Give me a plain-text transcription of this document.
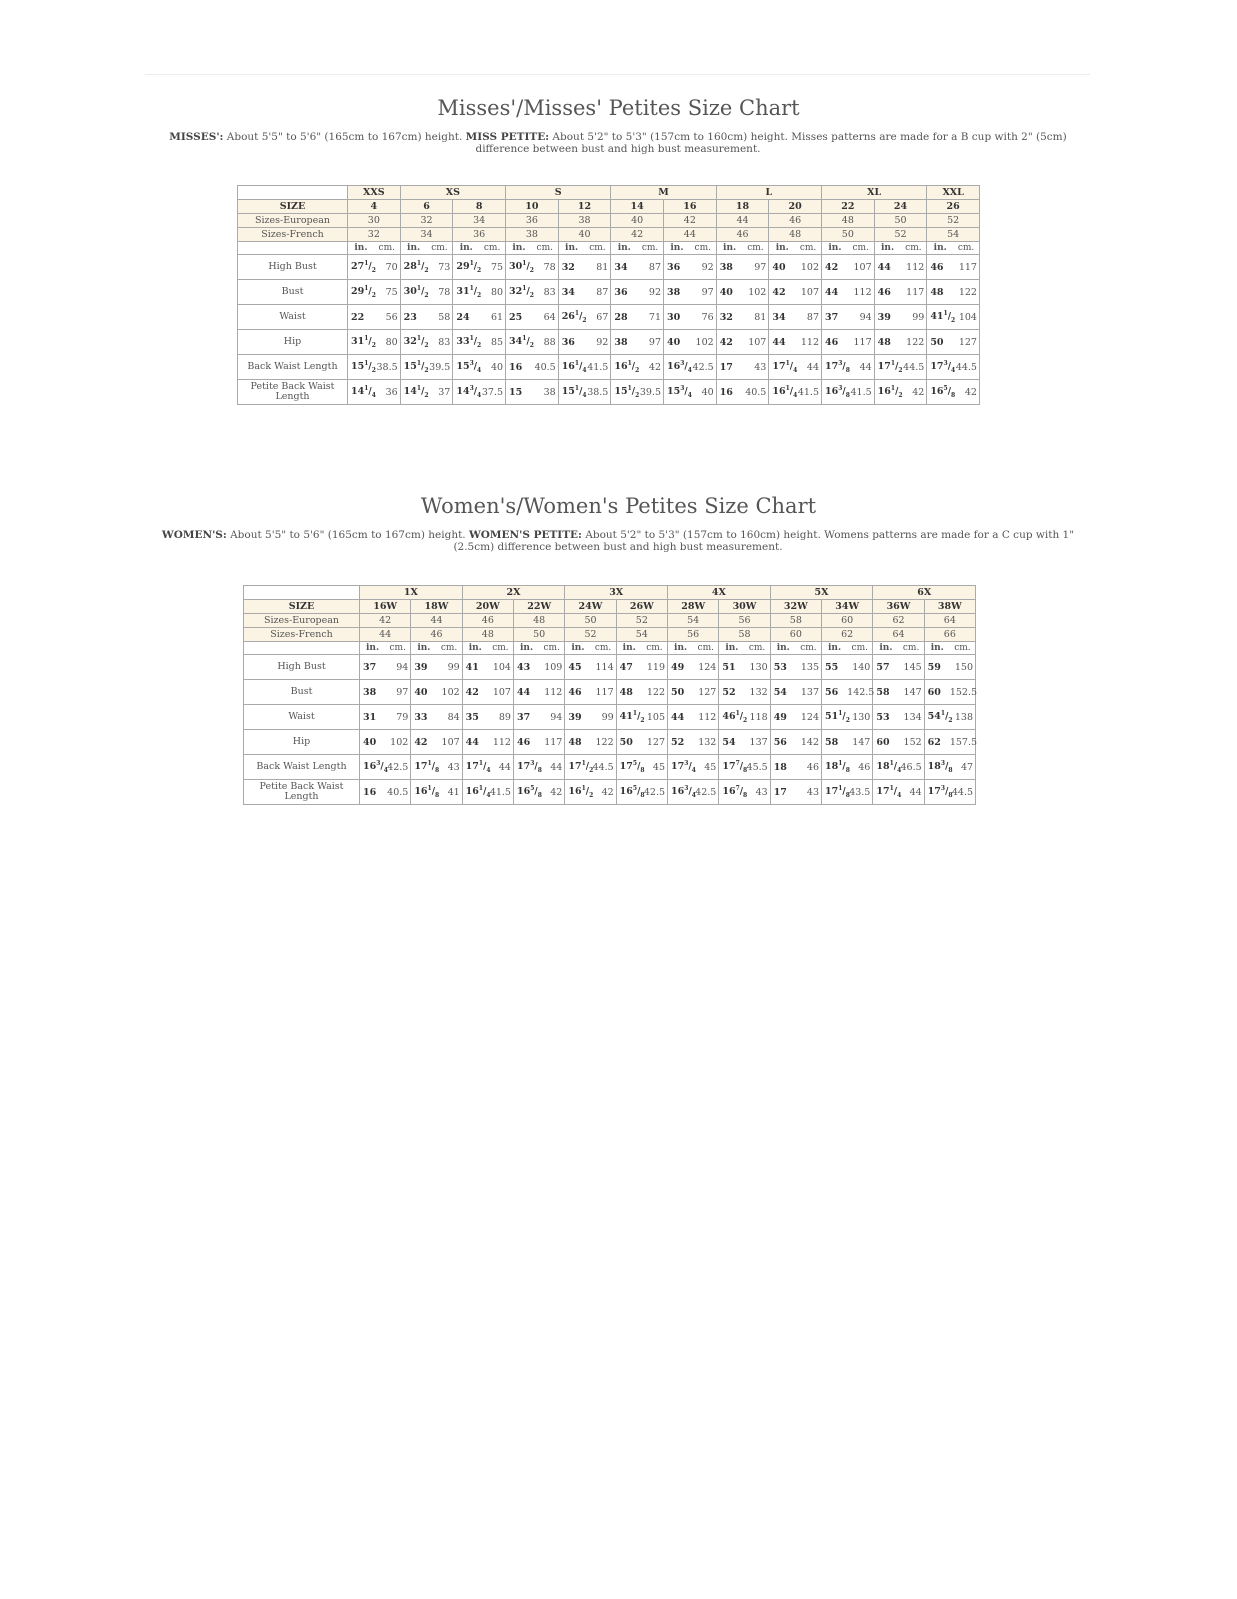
Misses'/Misses' Petites Size Chart

MISSES': About 5'5" to 5'6" (165cm to 167cm) height. MISS PETITE: About 5'2" to 5'3" (157cm to 160cm) height. Misses patterns are made for a B cup with 2" (5cm) difference between bust and high bust measurement.

	XXS		XS				S				M				L				XL				XXL	
SIZE	4		6		8		10		12		14		16		18		20		22		24		26	
Sizes-European	30		32		34		36		38		40		42		44		46		48		50		52	
Sizes-French	32		34		36		38		40		42		44		46		48		50		52		54	
	in.	cm.	in.	cm.	in.	cm.	in.	cm.	in.	cm.	in.	cm.	in.	cm.	in.	cm.	in.	cm.	in.	cm.	in.	cm.	in.	cm.
High Bust	$27^1/_2$	70	$28^1/_2$	73	$29^1/_2$	75	$30^1/_2$	78	32	81	34	87	36	92	38	97	40	102	42	107	44	112	46	117
Bust	$29^1/_2$	75	$30^1/_2$	78	$31^1/_2$	80	$32^1/_2$	83	34	87	36	92	38	97	40	102	42	107	44	112	46	117	48	122
Waist	22	56	23	58	24	61	25	64	$26^1/_2$	67	28	71	30	76	32	81	34	87	37	94	39	99	$41^1/_2$	104
Hip	$31^1/_2$	80	$32^1/_2$	83	$33^1/_2$	85	$34^1/_2$	88	36	92	38	97	40	102	42	107	44	112	46	117	48	122	50	127
Back Waist Length	$15^1/_2$	38.5	$15^1/_2$	39.5	$15^3/_4$	40	16	40.5	$16^1/_4$	41.5	$16^1/_2$	42	$16^3/_4$	42.5	17	43	$17^1/_4$	44	$17^3/_8$	44	$17^1/_2$	44.5	$17^3/_4$	44.5
Petite Back Waist Length	$14^1/_4$	36	$14^1/_2$	37	$14^3/_4$	37.5	15	38	$15^1/_4$	38.5	$15^1/_2$	39.5	$15^3/_4$	40	16	40.5	$16^1/_4$	41.5	$16^3/_8$	41.5	$16^1/_2$	42	$16^5/_8$	42
Women's/Women's Petites Size Chart

WOMEN'S: About 5'5" to 5'6" (165cm to 167cm) height. WOMEN'S PETITE: About 5'2" to 5'3" (157cm to 160cm) height. Womens patterns are made for a C cup with 1" (2.5cm) difference between bust and high bust measurement.

	1X				2X				3X				4X				5X				6X			
SIZE	16W		18W		20W		22W		24W		26W		28W		30W		32W		34W		36W		38W	
Sizes-European	42		44		46		48		50		52		54		56		58		60		62		64	
Sizes-French	44		46		48		50		52		54		56		58		60		62		64		66	
	in.	cm.	in.	cm.	in.	cm.	in.	cm.	in.	cm.	in.	cm.	in.	cm.	in.	cm.	in.	cm.	in.	cm.	in.	cm.	in.	cm.
High Bust	37	94	39	99	41	104	43	109	45	114	47	119	49	124	51	130	53	135	55	140	57	145	59	150
Bust	38	97	40	102	42	107	44	112	46	117	48	122	50	127	52	132	54	137	56	142.5	58	147	60	152.5
Waist	31	79	33	84	35	89	37	94	39	99	$41^1/_2$	105	44	112	$46^1/_2$	118	49	124	$51^1/_2$	130	53	134	$54^1/_2$	138
Hip	40	102	42	107	44	112	46	117	48	122	50	127	52	132	54	137	56	142	58	147	60	152	62	157.5
Back Waist Length	$16^3/_4$	42.5	$17^1/_8$	43	$17^1/_4$	44	$17^3/_8$	44	$17^1/_2$	44.5	$17^5/_8$	45	$17^3/_4$	45	$17^7/_8$	45.5	18	46	$18^1/_8$	46	$18^1/_4$	46.5	$18^3/_8$	47
Petite Back Waist Length	16	40.5	$16^1/_8$	41	$16^1/_4$	41.5	$16^5/_8$	42	$16^1/_2$	42	$16^5/_8$	42.5	$16^3/_4$	42.5	$16^7/_8$	43	17	43	$17^1/_8$	43.5	$17^1/_4$	44	$17^3/_8$	44.5
